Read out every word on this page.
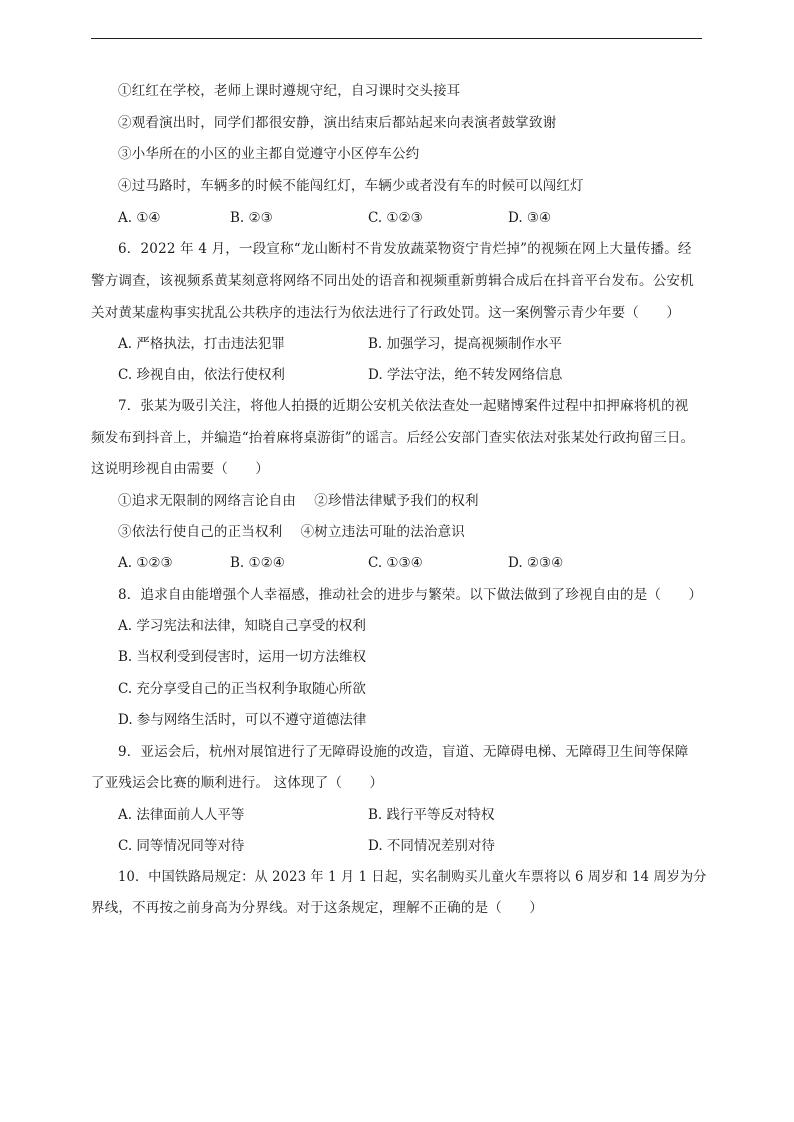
①红红在学校，老师上课时遵规守纪，自习课时交头接耳
②观看演出时，同学们都很安静，演出结束后都站起来向表演者鼓掌致谢
③小华所在的小区的业主都自觉遵守小区停车公约
④过马路时，车辆多的时候不能闯红灯，车辆少或者没有车的时候可以闯红灯
A. ①④	B. ②③	C. ①②③	D. ③④
6．2022 年 4 月，一段宣称“龙山断村不肯发放蔬菜物资宁肯烂掉”的视频在网上大量传播。经
警方调查，该视频系黄某刻意将网络不同出处的语音和视频重新剪辑合成后在抖音平台发布。公安机
关对黄某虚构事实扰乱公共秩序的违法行为依法进行了行政处罚。这一案例警示青少年要（　　）
A. 严格执法，打击违法犯罪	B. 加强学习，提高视频制作水平
C. 珍视自由，依法行使权利	D. 学法守法，绝不转发网络信息
7．张某为吸引关注，将他人拍摄的近期公安机关依法查处一起赌博案件过程中扣押麻将机的视
频发布到抖音上，并编造“抬着麻将桌游街”的谣言。后经公安部门查实依法对张某处行政拘留三日。
这说明珍视自由需要（　　）
①追求无限制的网络言论自由　 ②珍惜法律赋予我们的权利
③依法行使自己的正当权利　 ④树立违法可耻的法治意识
A. ①②③	B. ①②④	C. ①③④	D. ②③④
8．追求自由能增强个人幸福感，推动社会的进步与繁荣。以下做法做到了珍视自由的是（　　）
A. 学习宪法和法律，知晓自己享受的权利
B. 当权利受到侵害时，运用一切方法维权
C. 充分享受自己的正当权利争取随心所欲
D. 参与网络生活时，可以不遵守道德法律
9．亚运会后，杭州对展馆进行了无障碍设施的改造，盲道、无障碍电梯、无障碍卫生间等保障
了亚残运会比赛的顺利进行。 这体现了（　　）
A. 法律面前人人平等	B. 践行平等反对特权
C. 同等情况同等对待	D. 不同情况差别对待
10．中国铁路局规定：从 2023 年 1 月 1 日起，实名制购买儿童火车票将以 6 周岁和 14 周岁为分
界线，不再按之前身高为分界线。对于这条规定，理解不正确的是（　　）
